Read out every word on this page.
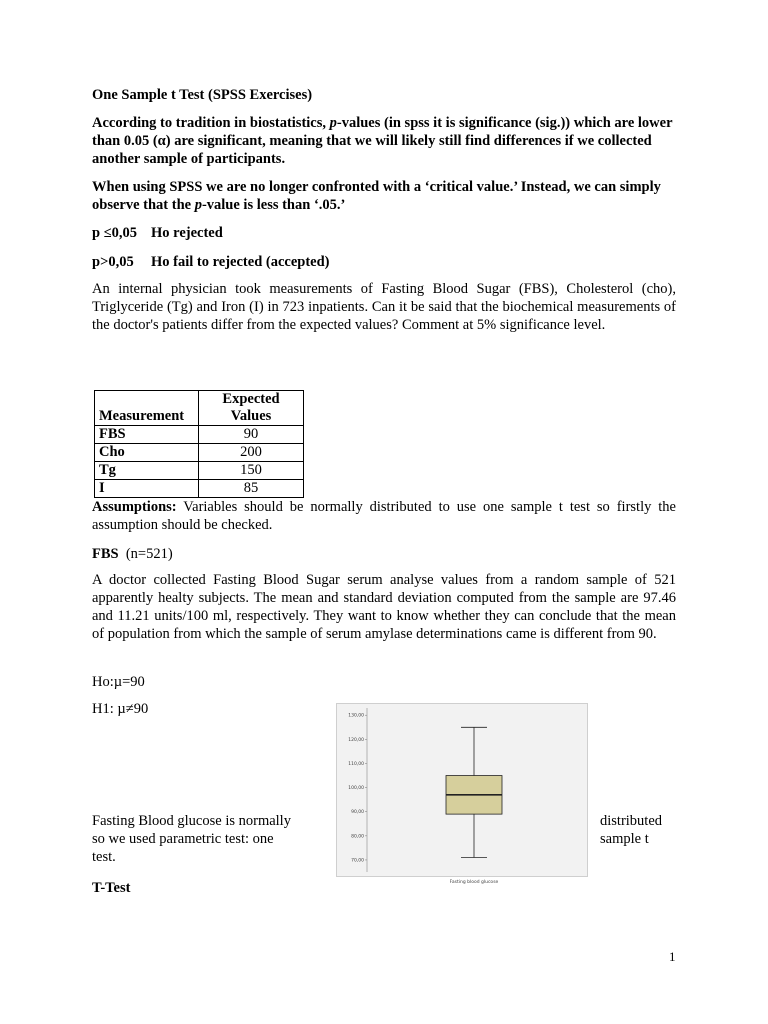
One Sample t Test (SPSS Exercises)
According to tradition in biostatistics, p-values (in spss it is significance (sig.)) which are lower than 0.05 (α) are significant, meaning that we will likely still find differences if we collected another sample of participants.
When using SPSS we are no longer confronted with a ‘critical value.’ Instead, we can simply observe that the p-value is less than ‘.05.’
p ≤0,05 Ho rejected
p>0,05 Ho fail to rejected (accepted)
An internal physician took measurements of Fasting Blood Sugar (FBS), Cholesterol (cho), Triglyceride (Tg) and Iron (I) in 723 inpatients. Can it be said that the biochemical measurements of the doctor's patients differ from the expected values? Comment at 5% significance level.
Measurement	Expected
Values
FBS	90
Cho	200
Tg	150
I	85
Assumptions: Variables should be normally distributed to use one sample t test so firstly the assumption should be checked.
FBS  (n=521)
A doctor collected Fasting Blood Sugar serum analyse values from a random sample of 521 apparently healty subjects. The mean and standard deviation computed from the sample are 97.46 and 11.21 units/100 ml, respectively. They want to know whether they can conclude that the mean of population from which the sample of serum amylase determinations came is different from 90.
Ho:µ=90
H1: µ≠90
Fasting Blood glucose is normally
so we used parametric test: one
test.
distributed
sample t
70,00
80,00
90,00
100,00
110,00
120,00
130,00
Fasting blood glucose
T-Test
1
